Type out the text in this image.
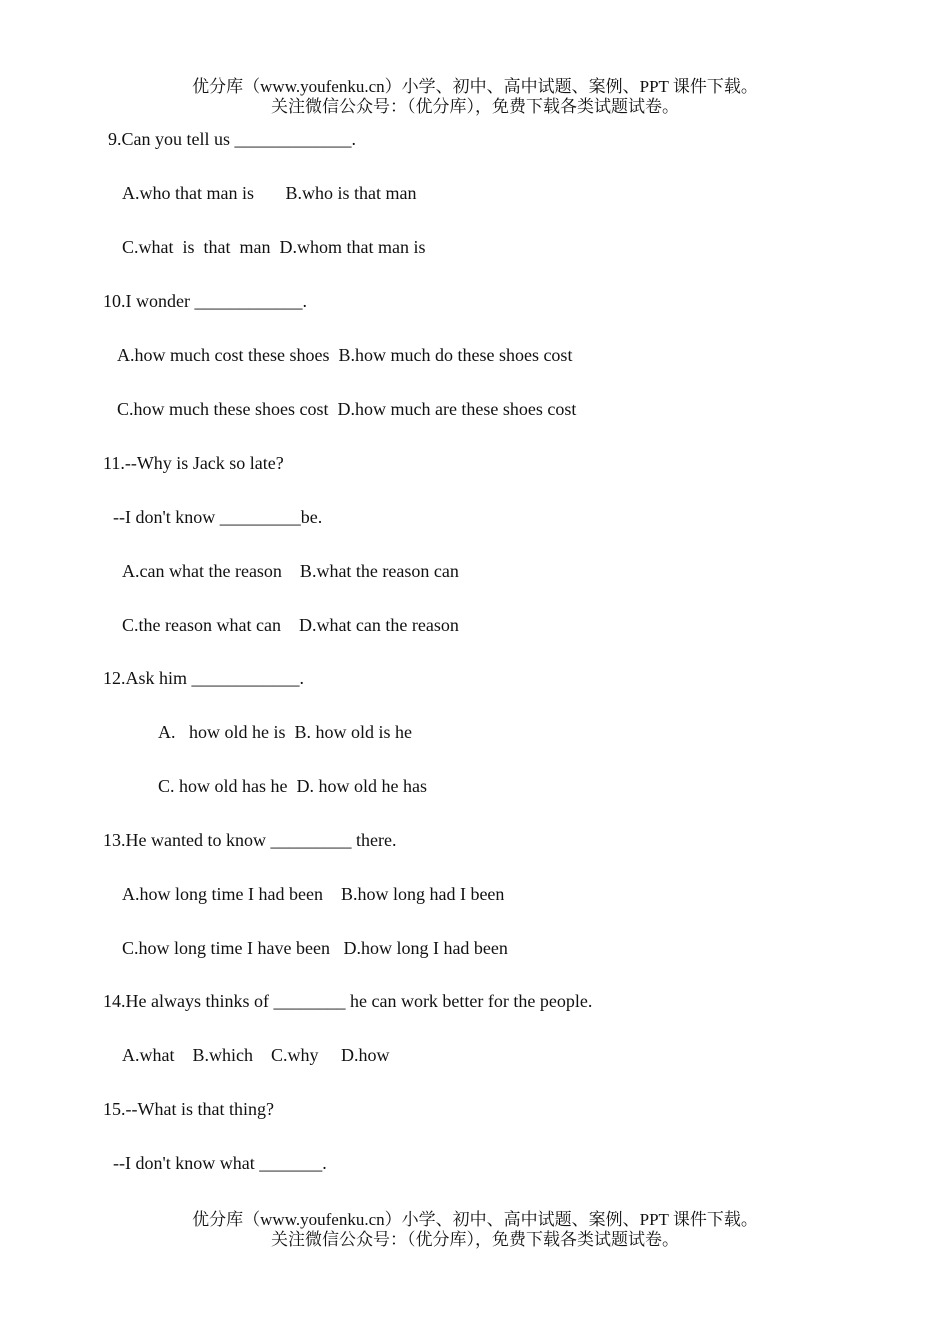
优分库（www.youfenku.cn）小学、初中、高中试题、案例、PPT 课件下载。
关注微信公众号：（优分库），免费下载各类试题试卷。
9.Can you tell us _____________.
A.who that man is       B.who is that man
C.what  is  that  man  D.whom that man is
10.I wonder ____________.
A.how much cost these shoes  B.how much do these shoes cost
C.how much these shoes cost  D.how much are these shoes cost
11.--Why is Jack so late?
--I don't know _________be.
A.can what the reason    B.what the reason can
C.the reason what can    D.what can the reason
12.Ask him ____________.
A.   how old he is  B. how old is he
C. how old has he  D. how old he has
13.He wanted to know _________ there.
A.how long time I had been    B.how long had I been
C.how long time I have been   D.how long I had been
14.He always thinks of ________ he can work better for the people.
A.what    B.which    C.why     D.how
15.--What is that thing?
--I don't know what _______.
优分库（www.youfenku.cn）小学、初中、高中试题、案例、PPT 课件下载。
关注微信公众号：（优分库），免费下载各类试题试卷。
